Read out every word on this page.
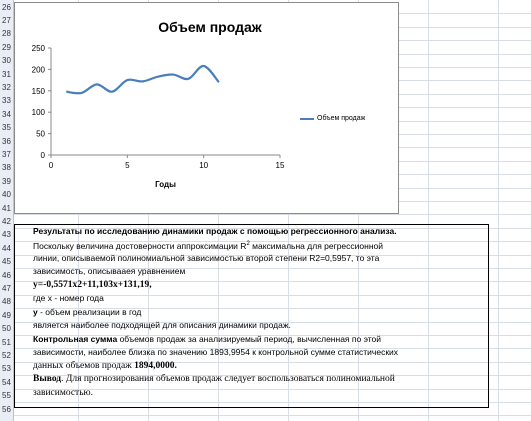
26
27
28
29
30
31
32
33
34
35
36
37
38
39
40
41
42
43
44
45
46
47
48
49
50
51
52
53
54
55
56
Объем продаж
0
50
100
150
200
250
0	5	10	15
Годы
Объем продаж
Результаты по исследованию динамики продаж с помощью регрессионного анализа.
Поскольку величина достоверности аппроксимации $R^2$ максимальна для регрессионной
линии, описываемой полиномиальной зависимостью второй степени R2=0,5957, то эта
зависимость, описывааея уравнением
y=-0,5571x2+11,103x+131,19,
где x - номер года
y - объем реализации в год
является наиболее подходящей для описания динамики продаж.
Контрольная сумма объемов продаж за анализируемый период, вычисленная по этой
зависимости, наиболее близка по значению 1893,9954 к контрольной сумме статистических
данных объемов продаж 1894,0000.
Вывод. Для прогнозирования объемов продаж следует воспользоваться полиномиальной
зависимостью.
